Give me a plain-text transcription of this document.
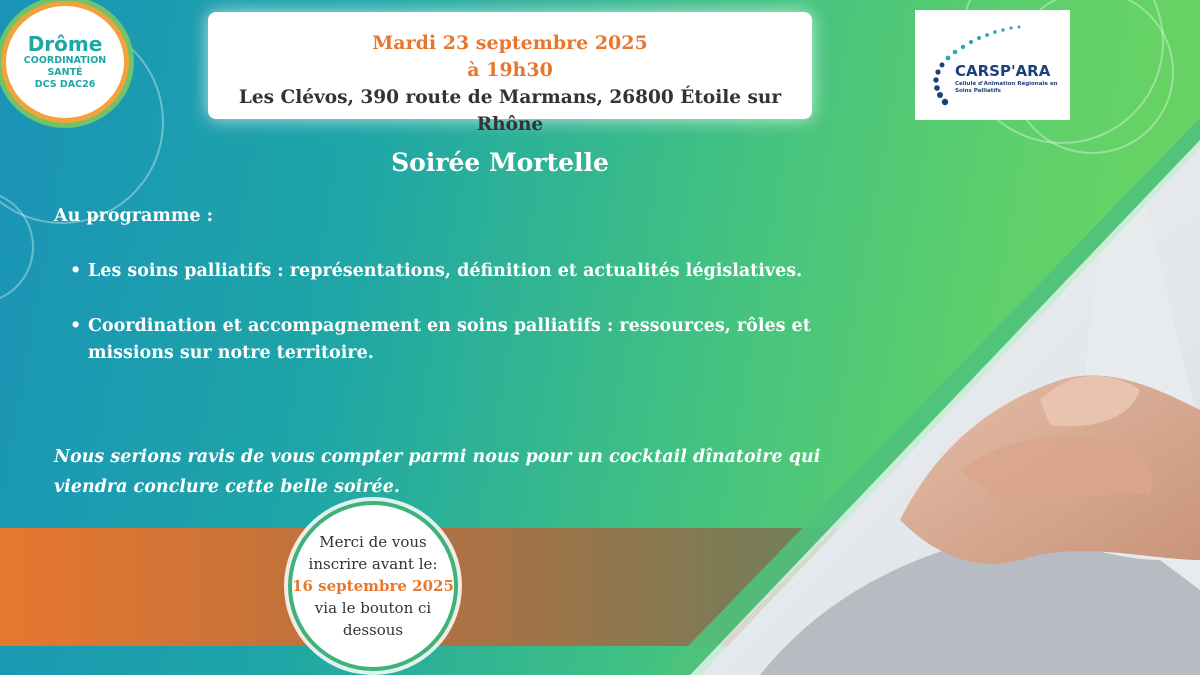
Drôme
COORDINATION SANTÉ
DCS DAC26
Mardi 23 septembre 2025
à 19h30
Les Clévos, 390 route de Marmans, 26800 Étoile sur Rhône
CARSP'ARA
Cellule d'Animation Régionale en Soins Palliatifs
Soirée Mortelle
Au programme :
• Les soins palliatifs : représentations, définition et actualités législatives.
• Coordination et accompagnement en soins palliatifs : ressources, rôles et missions sur notre territoire.
Nous serions ravis de vous compter parmi nous pour un cocktail dînatoire qui viendra conclure cette belle soirée.
Merci de vous
inscrire avant le:
16 septembre 2025
via le bouton ci
dessous
